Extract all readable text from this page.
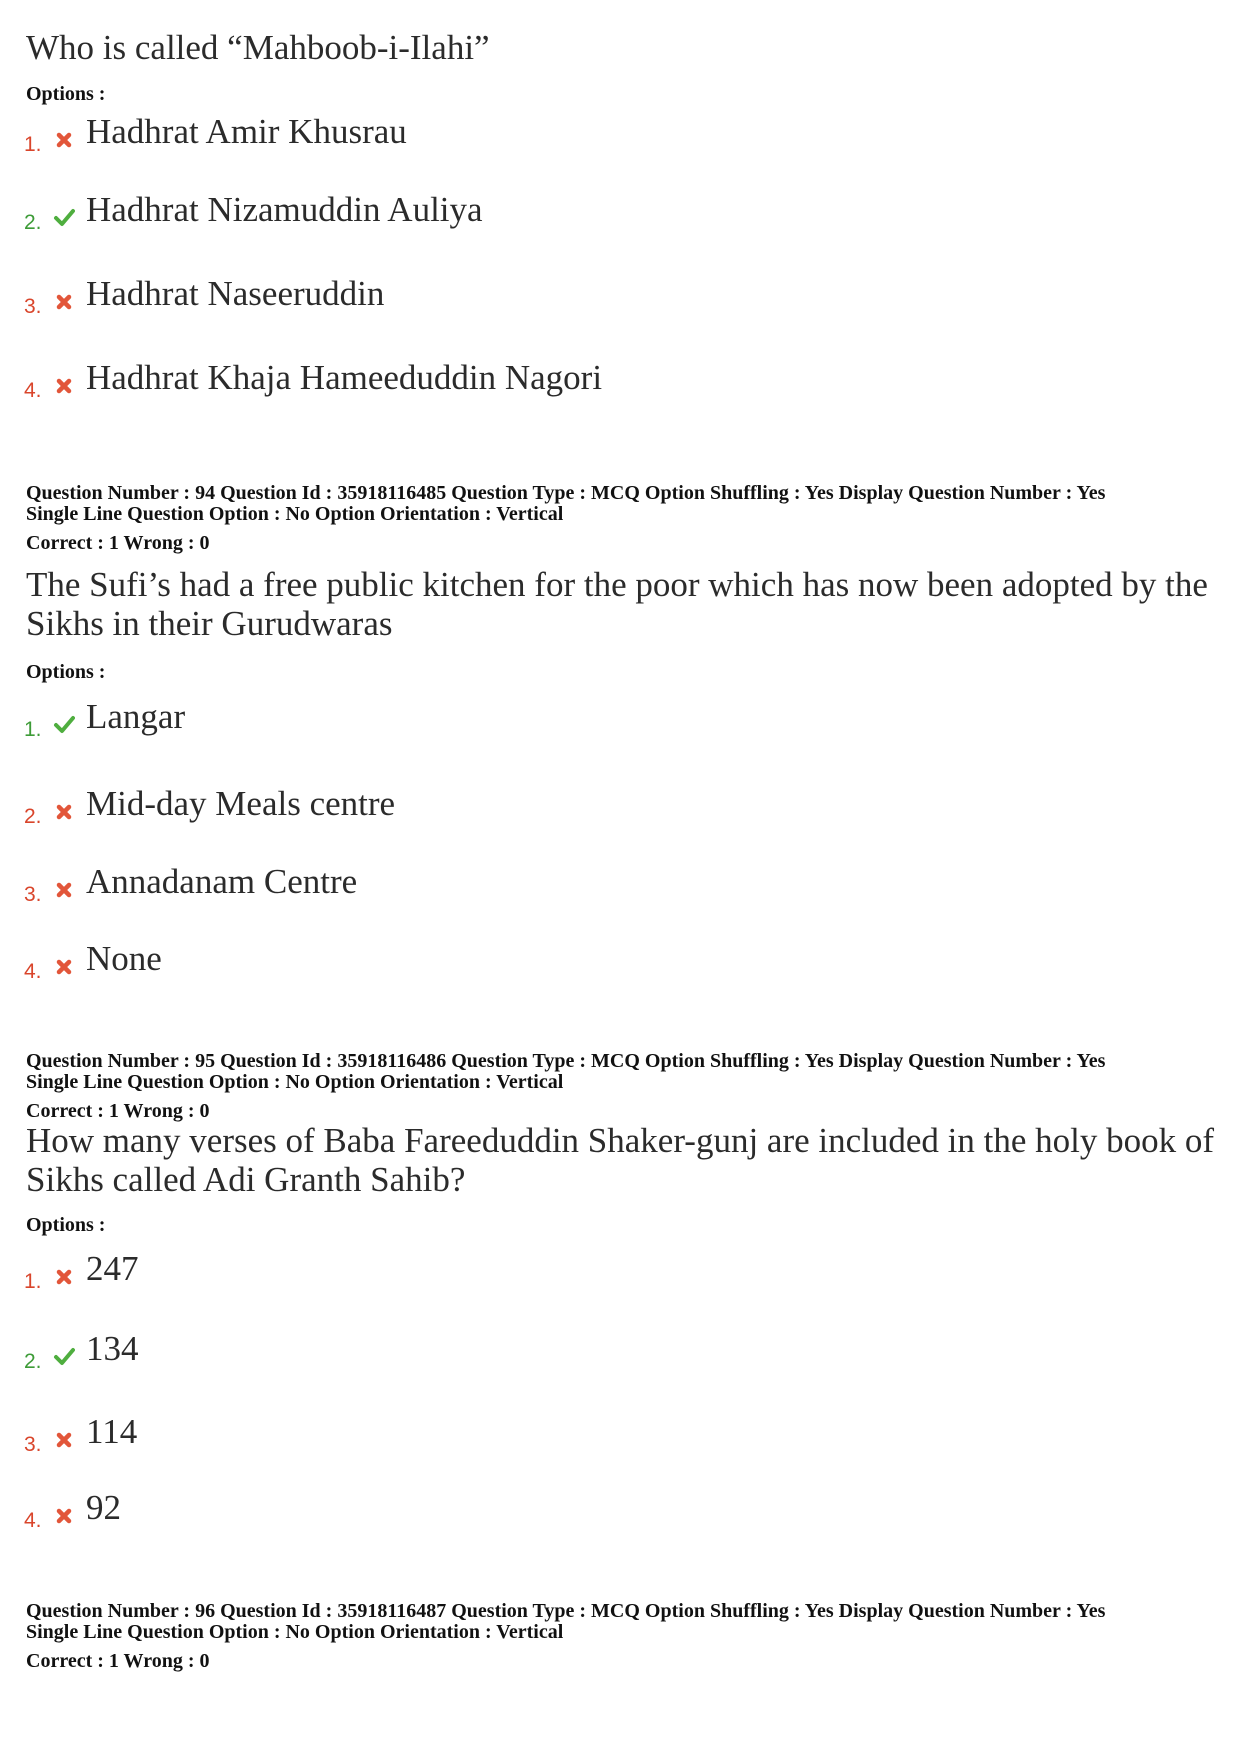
Who is called “Mahboob-i-Ilahi”

Options :

1. Hadhrat Amir Khusrau
2. Hadhrat Nizamuddin Auliya
3. Hadhrat Naseeruddin
4. Hadhrat Khaja Hameeduddin Nagori
Question Number : 94 Question Id : 35918116485 Question Type : MCQ Option Shuffling : Yes Display Question Number : Yes
Single Line Question Option : No Option Orientation : Vertical

Correct : 1 Wrong : 0

The Sufi’s had a free public kitchen for the poor which has now been adopted by the Sikhs in their Gurudwaras

Options :

1. Langar
2. Mid-day Meals centre
3. Annadanam Centre
4. None
Question Number : 95 Question Id : 35918116486 Question Type : MCQ Option Shuffling : Yes Display Question Number : Yes
Single Line Question Option : No Option Orientation : Vertical

Correct : 1 Wrong : 0

How many verses of Baba Fareeduddin Shaker-gunj are included in the holy book of Sikhs called Adi Granth Sahib?

Options :

1. 247
2. 134
3. 114
4. 92
Question Number : 96 Question Id : 35918116487 Question Type : MCQ Option Shuffling : Yes Display Question Number : Yes
Single Line Question Option : No Option Orientation : Vertical

Correct : 1 Wrong : 0
